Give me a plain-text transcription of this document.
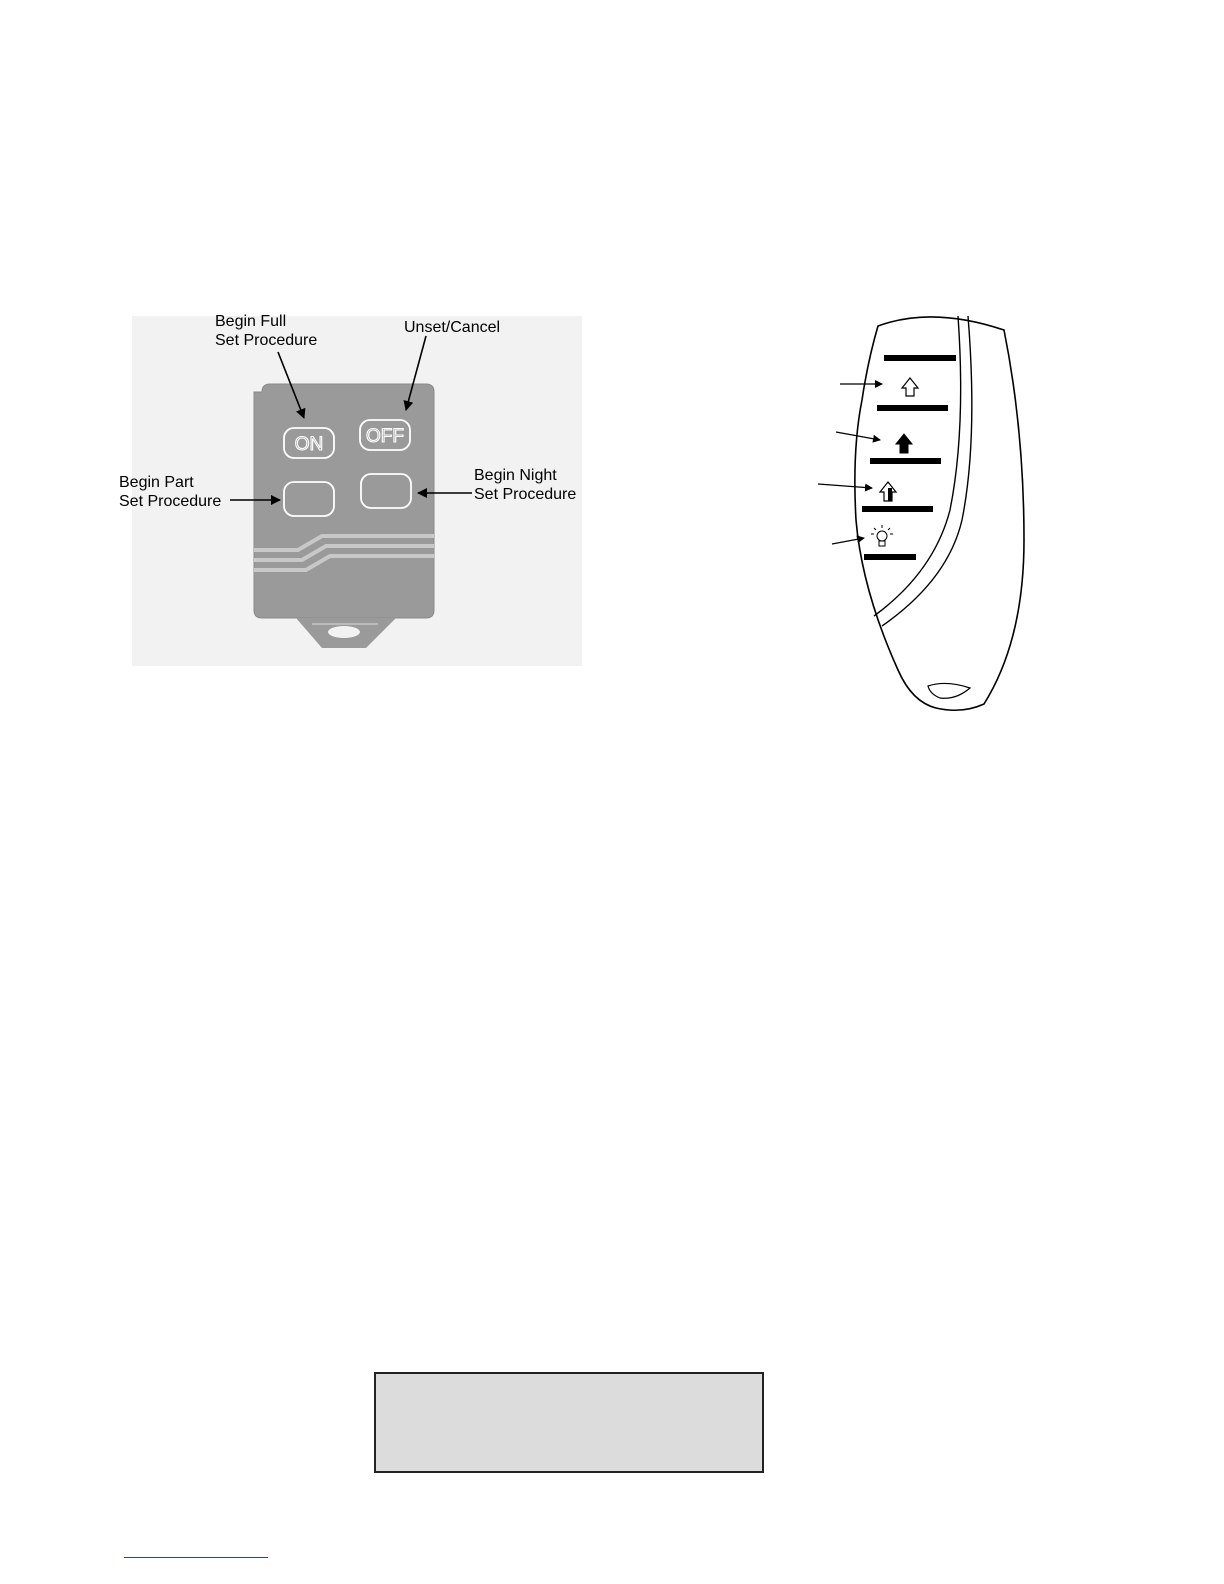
ON OFF
Begin Full
Set Procedure
Unset/Cancel
Begin Part
Set Procedure
Begin Night
Set Procedure
